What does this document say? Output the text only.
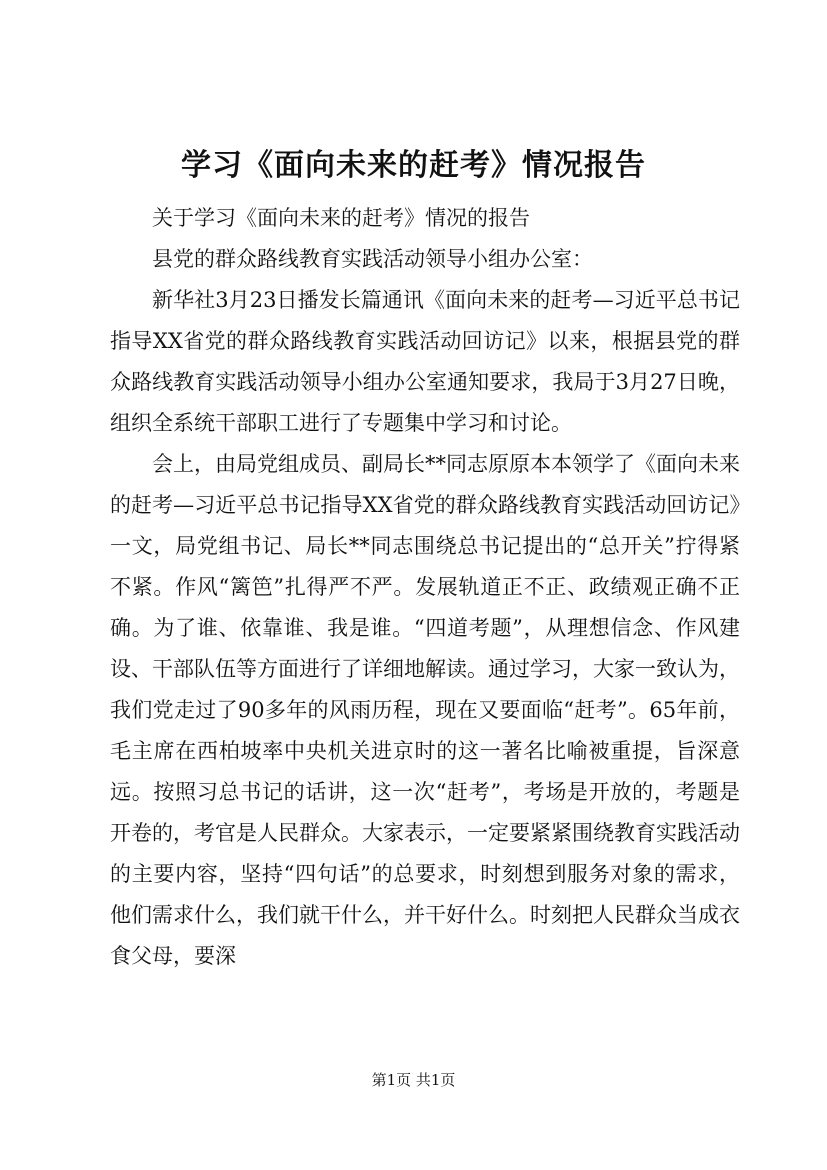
学习《面向未来的赶考》情况报告

关于学习《面向未来的赶考》情况的报告

县党的群众路线教育实践活动领导小组办公室：

新华社3月23日播发长篇通讯《面向未来的赶考—习近平总书记指导XX省党的群众路线教育实践活动回访记》以来，根据县党的群众路线教育实践活动领导小组办公室通知要求，我局于3月27日晚，组织全系统干部职工进行了专题集中学习和讨论。

会上，由局党组成员、副局长**同志原原本本领学了《面向未来的赶考—习近平总书记指导XX省党的群众路线教育实践活动回访记》一文，局党组书记、局长**同志围绕总书记提出的“总开关”拧得紧不紧。作风“篱笆”扎得严不严。发展轨道正不正、政绩观正确不正确。为了谁、依靠谁、我是谁。“四道考题”，从理想信念、作风建设、干部队伍等方面进行了详细地解读。通过学习，大家一致认为，我们党走过了90多年的风雨历程，现在又要面临“赶考”。65年前，毛主席在西柏坡率中央机关进京时的这一著名比喻被重提，旨深意远。按照习总书记的话讲，这一次“赶考”，考场是开放的，考题是开卷的，考官是人民群众。大家表示，一定要紧紧围绕教育实践活动的主要内容，坚持“四句话”的总要求，时刻想到服务对象的需求，他们需求什么，我们就干什么，并干好什么。时刻把人民群众当成衣食父母，要深

第1页 共1页
